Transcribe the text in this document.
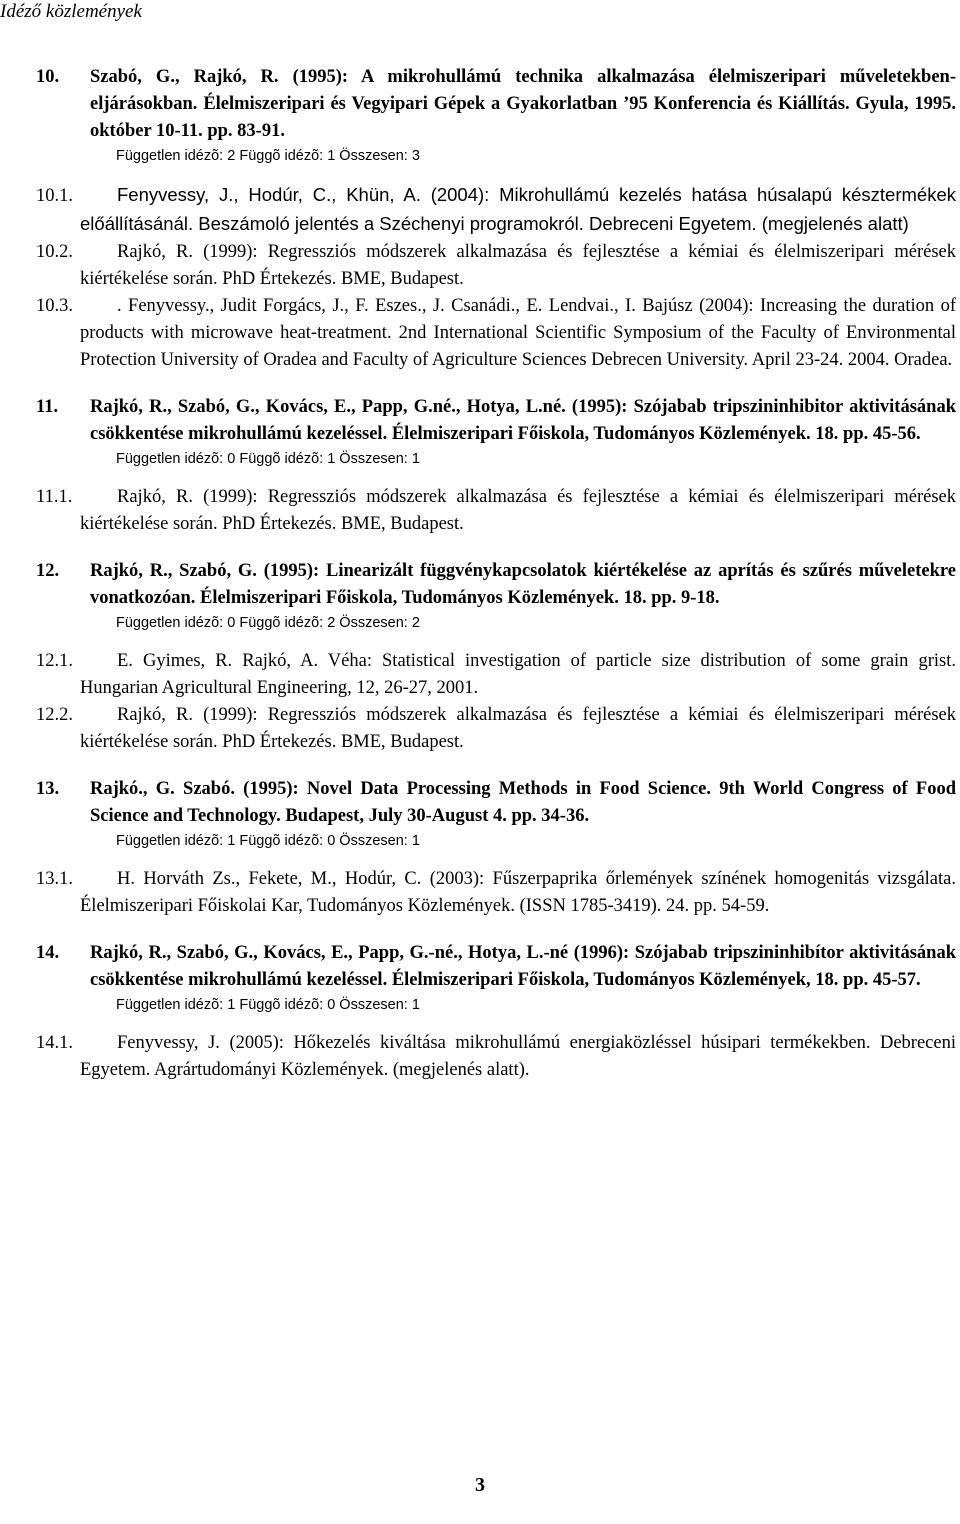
Idéző közlemények
10. Szabó, G., Rajkó, R. (1995): A mikrohullámú technika alkalmazása élelmiszeripari műveletekben-eljárásokban. Élelmiszeripari és Vegyipari Gépek a Gyakorlatban ’95 Konferencia és Kiállítás. Gyula, 1995. október 10-11. pp. 83-91.
Független idézõ: 2 Függõ idézõ: 1 Összesen: 3
10.1. Fenyvessy, J., Hodúr, C., Khün, A. (2004): Mikrohullámú kezelés hatása húsalapú késztermékek előállításánál. Beszámoló jelentés a Széchenyi programokról. Debreceni Egyetem. (megjelenés alatt)
10.2. Rajkó, R. (1999): Regressziós módszerek alkalmazása és fejlesztése a kémiai és élelmiszeripari mérések kiértékelése során. PhD Értekezés. BME, Budapest.
10.3. . Fenyvessy., Judit Forgács, J., F. Eszes., J. Csanádi., E. Lendvai., I. Bajúsz (2004): Increasing the duration of products with microwave heat-treatment. 2nd International Scientific Symposium of the Faculty of Environmental Protection University of Oradea and Faculty of Agriculture Sciences Debrecen University. April 23-24. 2004. Oradea.
11. Rajkó, R., Szabó, G., Kovács, E., Papp, G.né., Hotya, L.né. (1995): Szójabab tripszininhibitor aktivitásának csökkentése mikrohullámú kezeléssel. Élelmiszeripari Főiskola, Tudományos Közlemények. 18. pp. 45-56.
Független idézõ: 0 Függõ idézõ: 1 Összesen: 1
11.1. Rajkó, R. (1999): Regressziós módszerek alkalmazása és fejlesztése a kémiai és élelmiszeripari mérések kiértékelése során. PhD Értekezés. BME, Budapest.
12. Rajkó, R., Szabó, G. (1995): Linearizált függvénykapcsolatok kiértékelése az aprítás és szűrés műveletekre vonatkozóan. Élelmiszeripari Főiskola, Tudományos Közlemények. 18. pp. 9-18.
Független idézõ: 0 Függõ idézõ: 2 Összesen: 2
12.1. E. Gyimes, R. Rajkó, A. Véha: Statistical investigation of particle size distribution of some grain grist. Hungarian Agricultural Engineering, 12, 26-27, 2001.
12.2. Rajkó, R. (1999): Regressziós módszerek alkalmazása és fejlesztése a kémiai és élelmiszeripari mérések kiértékelése során. PhD Értekezés. BME, Budapest.
13. Rajkó., G. Szabó. (1995): Novel Data Processing Methods in Food Science. 9th World Congress of Food Science and Technology. Budapest, July 30-August 4. pp. 34-36.
Független idézõ: 1 Függõ idézõ: 0 Összesen: 1
13.1. H. Horváth Zs., Fekete, M., Hodúr, C. (2003): Fűszerpaprika őrlemények színének homogenitás vizsgálata. Élelmiszeripari Főiskolai Kar, Tudományos Közlemények. (ISSN 1785-3419). 24. pp. 54-59.
14. Rajkó, R., Szabó, G., Kovács, E., Papp, G.-né., Hotya, L.-né (1996): Szójabab tripszininhibítor aktivitásának csökkentése mikrohullámú kezeléssel. Élelmiszeripari Főiskola, Tudományos Közlemények, 18. pp. 45-57.
Független idézõ: 1 Függõ idézõ: 0 Összesen: 1
14.1. Fenyvessy, J. (2005): Hőkezelés kiváltása mikrohullámú energiaközléssel húsipari termékekben. Debreceni Egyetem. Agrártudományi Közlemények. (megjelenés alatt).
3
